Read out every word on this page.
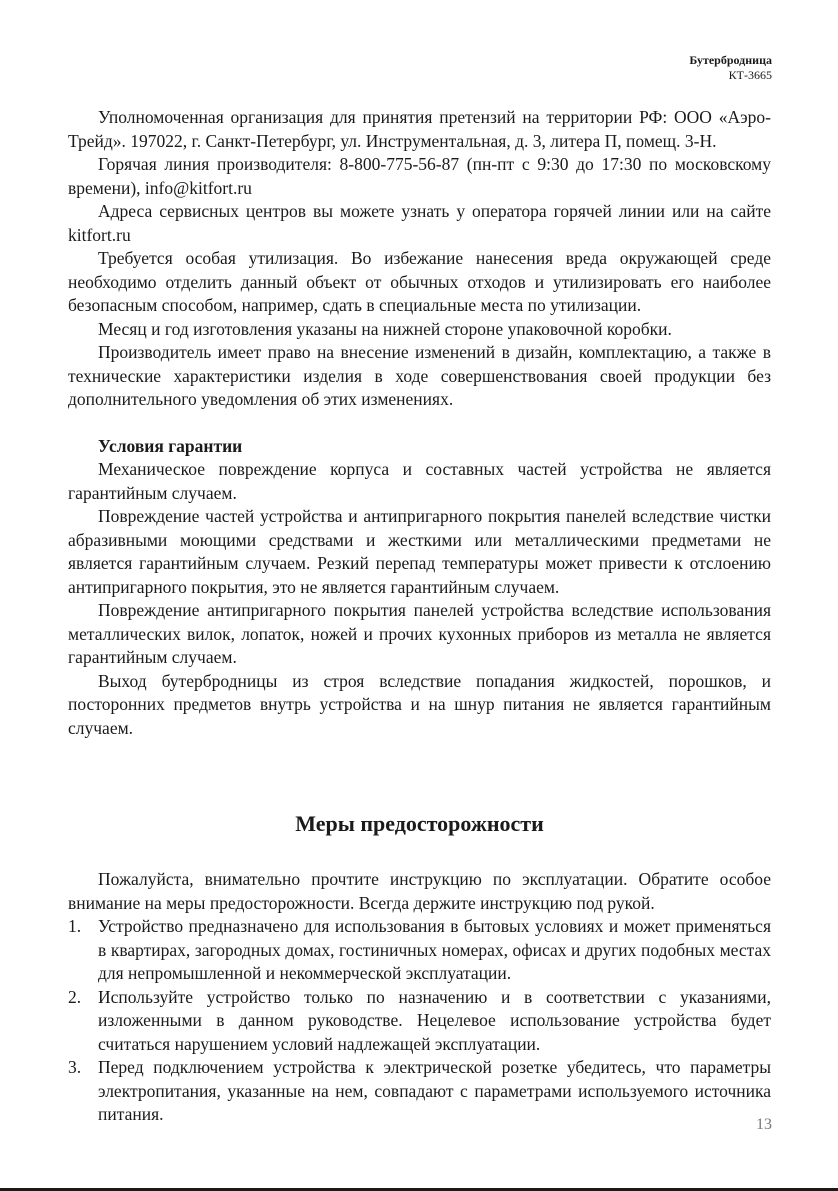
Бутербродница
КТ-3665

Уполномоченная организация для принятия претензий на территории РФ: ООО «Аэро-Трейд». 197022, г. Санкт-Петербург, ул. Инструментальная, д. 3, литера П, помещ. 3-Н.

Горячая линия производителя: 8-800-775-56-87 (пн-пт с 9:30 до 17:30 по московскому времени), info@kitfort.ru

Адреса сервисных центров вы можете узнать у оператора горячей линии или на сайте kitfort.ru

Требуется особая утилизация. Во избежание нанесения вреда окружающей среде необходимо отделить данный объект от обычных отходов и утилизировать его наиболее безопасным способом, например, сдать в специальные места по утилизации.

Месяц и год изготовления указаны на нижней стороне упаковочной коробки.

Производитель имеет право на внесение изменений в дизайн, комплектацию, а также в технические характеристики изделия в ходе совершенствования своей продукции без дополнительного уведомления об этих изменениях.

Условия гарантии

Механическое повреждение корпуса и составных частей устройства не является гарантийным случаем.

Повреждение частей устройства и антипригарного покрытия панелей вследствие чистки абразивными моющими средствами и жесткими или металлическими предметами не является гарантийным случаем. Резкий перепад температуры может привести к отслоению антипригарного покрытия, это не является гарантийным случаем.

Повреждение антипригарного покрытия панелей устройства вследствие использования металлических вилок, лопаток, ножей и прочих кухонных приборов из металла не является гарантийным случаем.

Выход бутербродницы из строя вследствие попадания жидкостей, порошков, и посторонних предметов внутрь устройства и на шнур питания не является гарантийным случаем.

Меры предосторожности

Пожалуйста, внимательно прочтите инструкцию по эксплуатации. Обратите особое внимание на меры предосторожности. Всегда держите инструкцию под рукой.

1. Устройство предназначено для использования в бытовых условиях и может применяться в квартирах, загородных домах, гостиничных номерах, офисах и других подобных местах для непромышленной и некоммерческой эксплуатации.
2. Используйте устройство только по назначению и в соответствии с указаниями, изложенными в данном руководстве. Нецелевое использование устройства будет считаться нарушением условий надлежащей эксплуатации.
3. Перед подключением устройства к электрической розетке убедитесь, что параметры электропитания, указанные на нем, совпадают с параметрами используемого источника питания.
13
